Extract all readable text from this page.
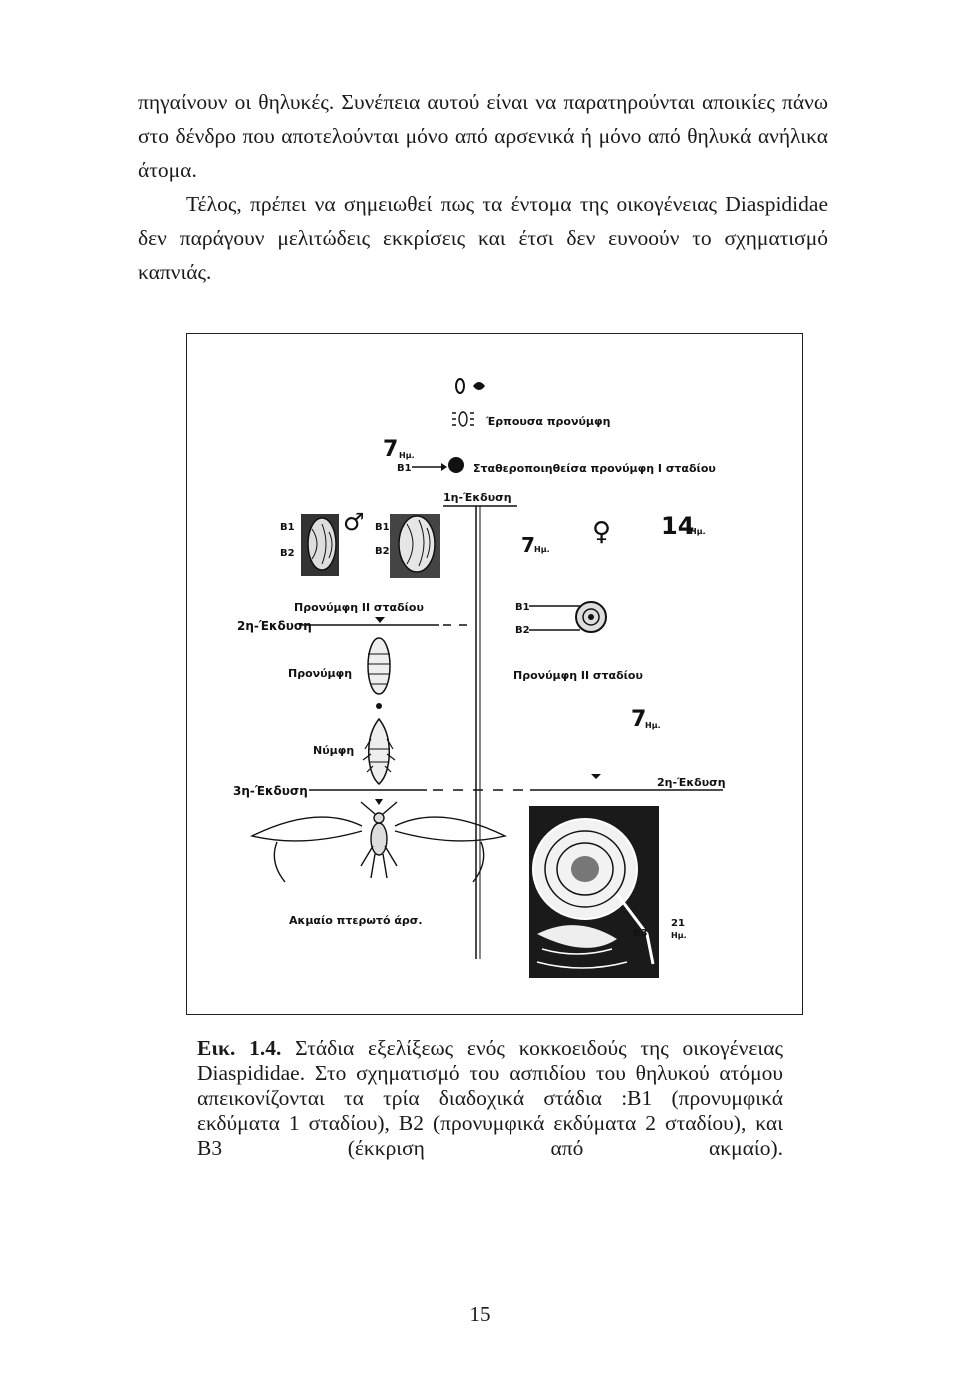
πηγαίνουν οι θηλυκές. Συνέπεια αυτού είναι να παρατηρούνται αποικίες πάνω
στο δένδρο που αποτελούνται μόνο από αρσενικά ή μόνο από θηλυκά ανήλικα
άτομα.
Τέλος, πρέπει να σημειωθεί πως τα έντομα της οικογένειας Diaspididae
δεν παράγουν μελιτώδεις εκκρίσεις και έτσι δεν ευνοούν το σχηματισμό
καπνιάς.
Έρπουσα προνύμφη
7 Ημ.
Β1	Σταθεροποιηθείσα προνύμφη Ι σταδίου
1η-Έκδυση
Β1
Β2
♂ Β1
Β2	7 Ημ.
♀ 14
Ημ.
Προνύμφη ΙΙ σταδίου
2η-Έκδυση
Β1
Β2
Προνύμφη	Προνύμφη ΙΙ σταδίου
7
Ημ.
Νύμφη
3η-Έκδυση
2η-Έκδυση
Ακμαίο πτερωτό άρσ.
Β3
21
Ημ.

Εικ. 1.4. Στάδια εξελίξεως ενός κοκκοειδούς της οικογένειας Diaspididae. Στο σχηματισμό του ασπιδίου του θηλυκού ατόμου απεικονίζονται τα τρία διαδοχικά στάδια :Β1 (προνυμφικά εκδύματα 1 σταδίου), Β2 (προνυμφικά εκδύματα 2 σταδίου), και Β3 (έκκριση από ακμαίο).

15
